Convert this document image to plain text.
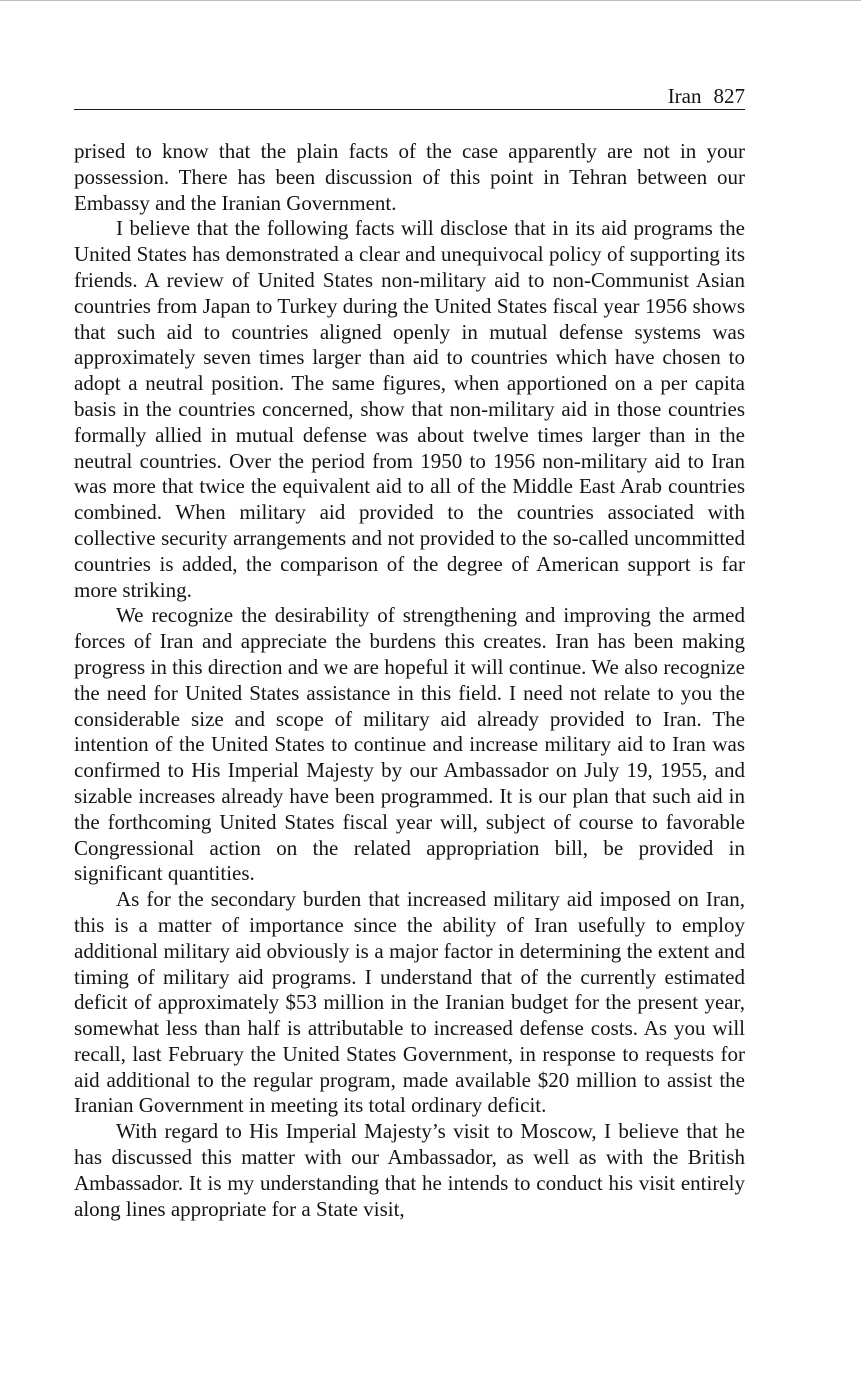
Iran 827

prised to know that the plain facts of the case apparently are not in your possession. There has been discussion of this point in Tehran between our Embassy and the Iranian Government.

I believe that the following facts will disclose that in its aid programs the United States has demonstrated a clear and unequivocal policy of supporting its friends. A review of United States non-military aid to non-Communist Asian countries from Japan to Turkey during the United States fiscal year 1956 shows that such aid to countries aligned openly in mutual defense systems was approximately seven times larger than aid to countries which have chosen to adopt a neutral position. The same figures, when apportioned on a per capita basis in the countries concerned, show that non-military aid in those countries formally allied in mutual defense was about twelve times larger than in the neutral countries. Over the period from 1950 to 1956 non-military aid to Iran was more that twice the equivalent aid to all of the Middle East Arab countries combined. When military aid provided to the countries associated with collective security arrangements and not provided to the so-called uncommitted countries is added, the comparison of the degree of American support is far more striking.

We recognize the desirability of strengthening and improving the armed forces of Iran and appreciate the burdens this creates. Iran has been making progress in this direction and we are hopeful it will continue. We also recognize the need for United States assistance in this field. I need not relate to you the considerable size and scope of military aid already provided to Iran. The intention of the United States to continue and increase military aid to Iran was confirmed to His Imperial Majesty by our Ambassador on July 19, 1955, and sizable increases already have been programmed. It is our plan that such aid in the forthcoming United States fiscal year will, subject of course to favorable Congressional action on the related appropriation bill, be provided in significant quantities.

As for the secondary burden that increased military aid imposed on Iran, this is a matter of importance since the ability of Iran usefully to employ additional military aid obviously is a major factor in determining the extent and timing of military aid programs. I understand that of the currently estimated deficit of approximately $53 million in the Iranian budget for the present year, somewhat less than half is attributable to increased defense costs. As you will recall, last February the United States Government, in response to requests for aid additional to the regular program, made available $20 million to assist the Iranian Government in meeting its total ordinary deficit.

With regard to His Imperial Majesty’s visit to Moscow, I believe that he has discussed this matter with our Ambassador, as well as with the British Ambassador. It is my understanding that he intends to conduct his visit entirely along lines appropriate for a State visit,
